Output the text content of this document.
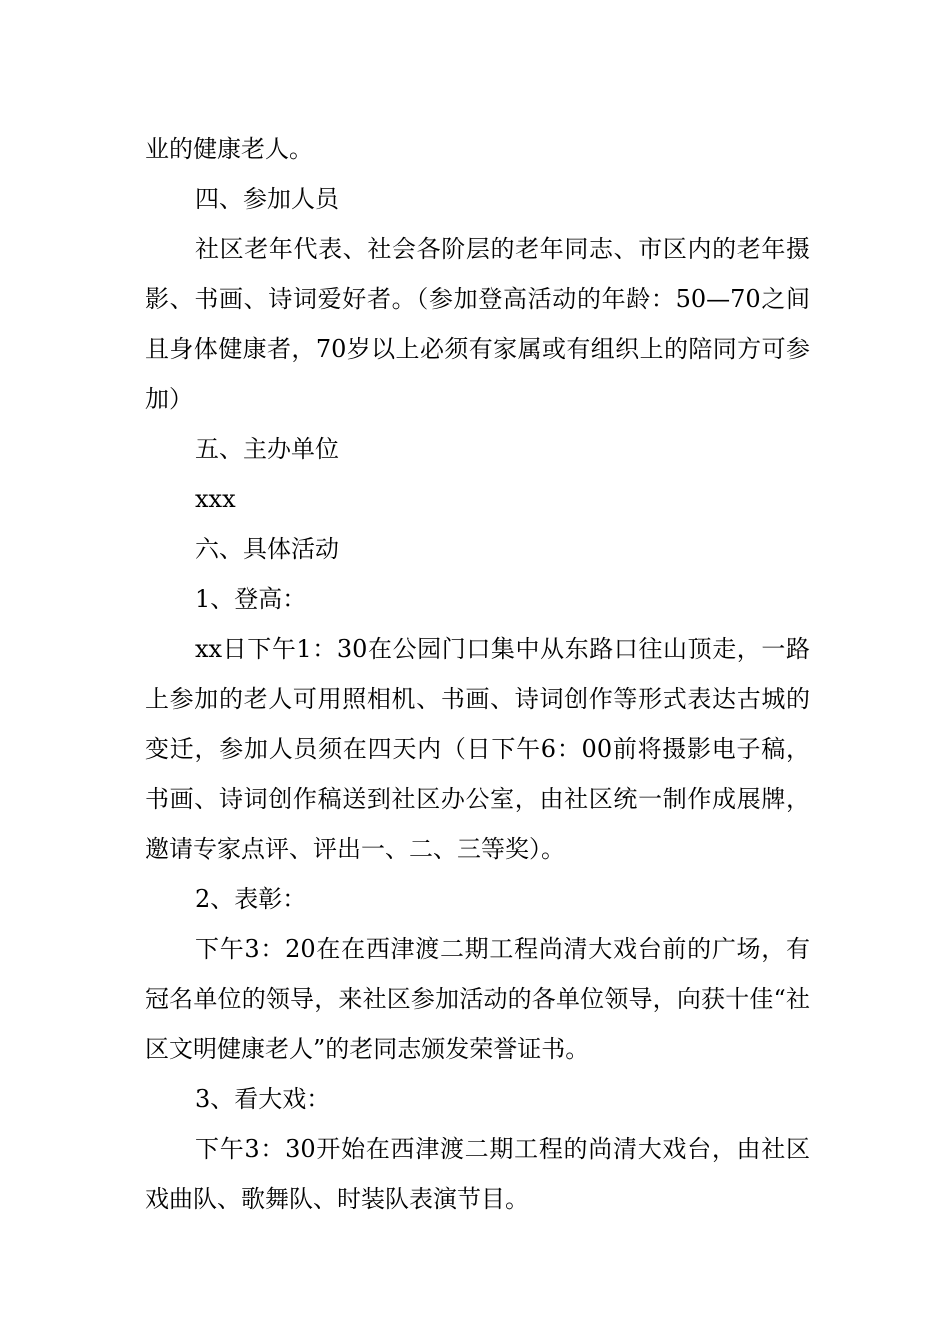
业的健康老人。

四、参加人员

社区老年代表、社会各阶层的老年同志、市区内的老年摄影、书画、诗词爱好者。（参加登高活动的年龄：50—70之间且身体健康者，70岁以上必须有家属或有组织上的陪同方可参加）

五、主办单位

xxx

六、具体活动

1、登高：

xx日下午1：30在公园门口集中从东路口往山顶走，一路上参加的老人可用照相机、书画、诗词创作等形式表达古城的变迁，参加人员须在四天内（日下午6：00前将摄影电子稿，书画、诗词创作稿送到社区办公室，由社区统一制作成展牌，邀请专家点评、评出一、二、三等奖）。

2、表彰：

下午3：20在在西津渡二期工程尚清大戏台前的广场，有冠名单位的领导，来社区参加活动的各单位领导，向获十佳“社区文明健康老人”的老同志颁发荣誉证书。

3、看大戏：

下午3：30开始在西津渡二期工程的尚清大戏台，由社区戏曲队、歌舞队、时装队表演节目。
